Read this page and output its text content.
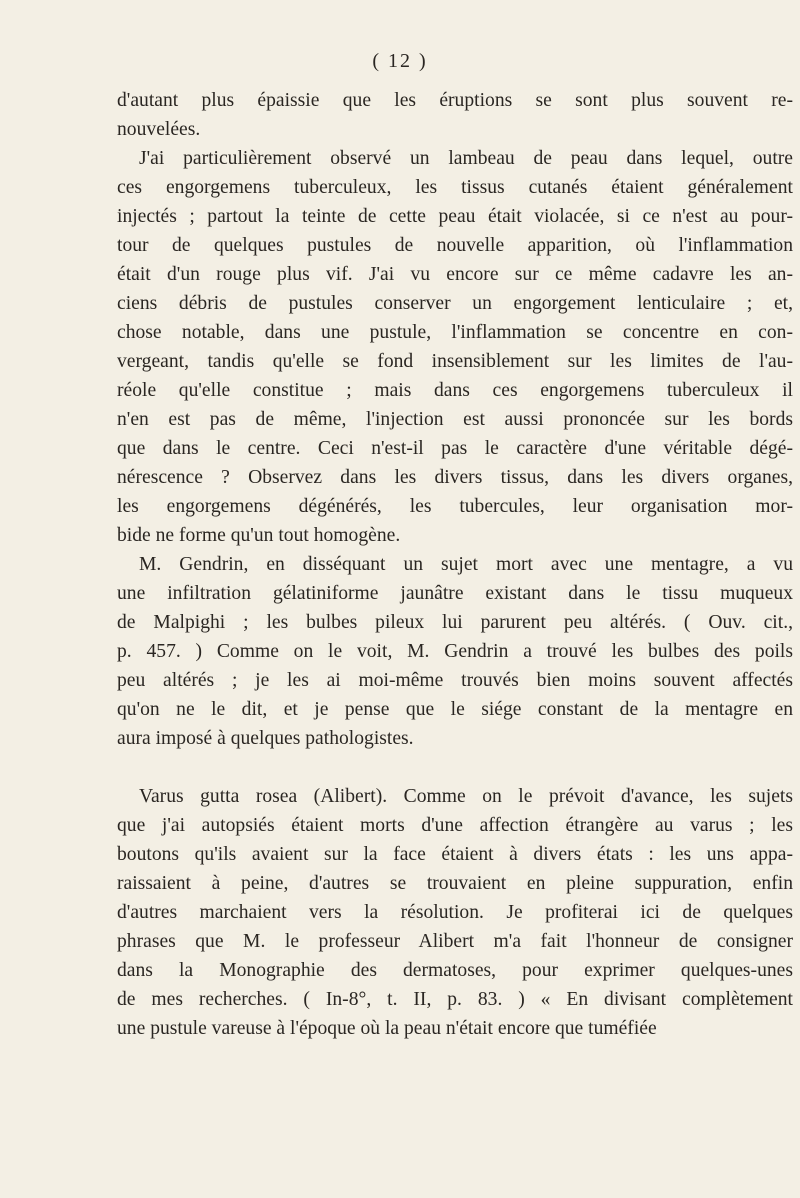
( 12 )
d'autant plus épaissie que les éruptions se sont plus souvent re-
nouvelées.
J'ai particulièrement observé un lambeau de peau dans lequel, outre
ces engorgemens tuberculeux, les tissus cutanés étaient généralement
injectés ; partout la teinte de cette peau était violacée, si ce n'est au pour-
tour de quelques pustules de nouvelle apparition, où l'inflammation
était d'un rouge plus vif. J'ai vu encore sur ce même cadavre les an-
ciens débris de pustules conserver un engorgement lenticulaire ; et,
chose notable, dans une pustule, l'inflammation se concentre en con-
vergeant, tandis qu'elle se fond insensiblement sur les limites de l'au-
réole qu'elle constitue ; mais dans ces engorgemens tuberculeux il
n'en est pas de même, l'injection est aussi prononcée sur les bords
que dans le centre. Ceci n'est-il pas le caractère d'une véritable dégé-
nérescence ? Observez dans les divers tissus, dans les divers organes,
les engorgemens dégénérés, les tubercules, leur organisation mor-
bide ne forme qu'un tout homogène.
M. Gendrin, en disséquant un sujet mort avec une mentagre, a vu
une infiltration gélatiniforme jaunâtre existant dans le tissu muqueux
de Malpighi ; les bulbes pileux lui parurent peu altérés. ( Ouv. cit.,
p. 457. ) Comme on le voit, M. Gendrin a trouvé les bulbes des poils
peu altérés ; je les ai moi-même trouvés bien moins souvent affectés
qu'on ne le dit, et je pense que le siége constant de la mentagre en
aura imposé à quelques pathologistes.
Varus gutta rosea (Alibert). Comme on le prévoit d'avance, les sujets
que j'ai autopsiés étaient morts d'une affection étrangère au varus ; les
boutons qu'ils avaient sur la face étaient à divers états : les uns appa-
raissaient à peine, d'autres se trouvaient en pleine suppuration, enfin
d'autres marchaient vers la résolution. Je profiterai ici de quelques
phrases que M. le professeur Alibert m'a fait l'honneur de consigner
dans la Monographie des dermatoses, pour exprimer quelques-unes
de mes recherches. ( In-8°, t. II, p. 83. ) « En divisant complètement
une pustule vareuse à l'époque où la peau n'était encore que tuméfiée
